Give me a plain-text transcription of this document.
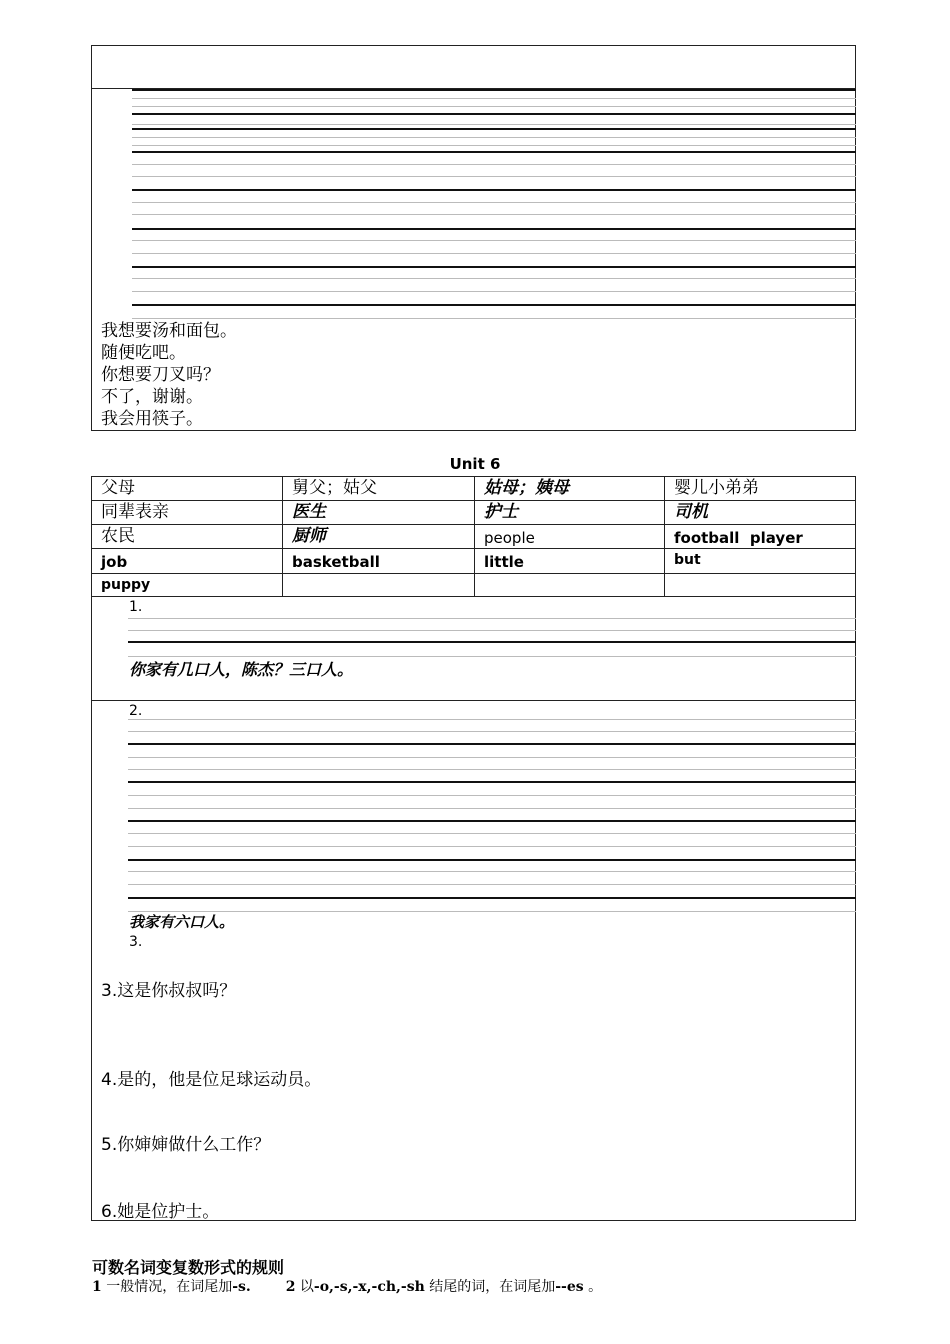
我想要汤和面包。
随便吃吧。
你想要刀叉吗？
不了，谢谢。
我会用筷子。
Unit 6
父母	舅父；姑父	姑母；姨母	婴儿小弟弟
同辈表亲	医生	护士	司机
农民	厨师	people	football  player
job	basketball	little	but
puppy
1.
你家有几口人，陈杰？三口人。
2.
我家有六口人。
3.
3.这是你叔叔吗？
4.是的，他是位足球运动员。
5.你婶婶做什么工作？
6.她是位护士。
可数名词变复数形式的规则
1 一般情况，在词尾加-s. 2 以-o,-s,-x,-ch,-sh 结尾的词，在词尾加--es 。
